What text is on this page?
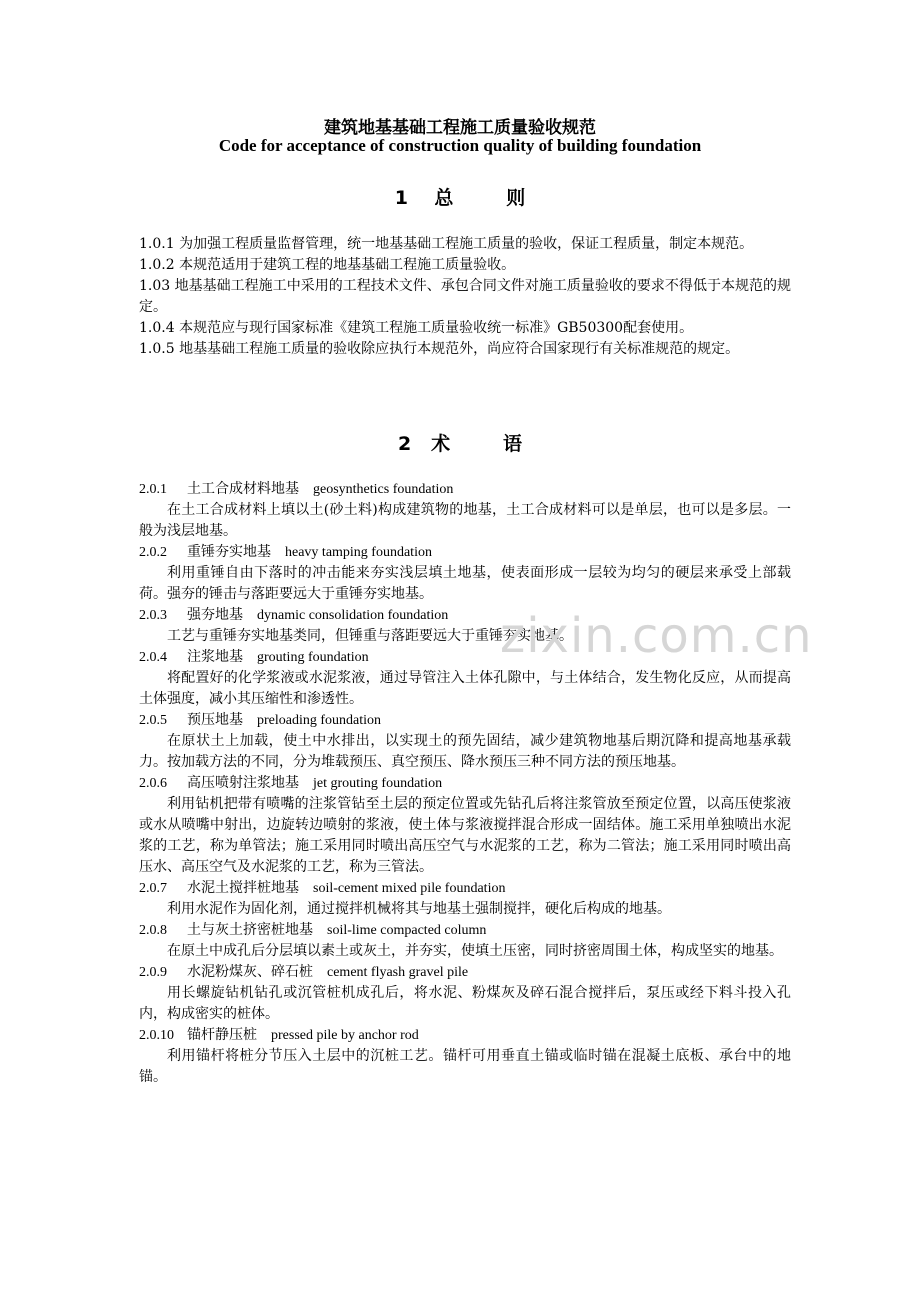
建筑地基基础工程施工质量验收规范
Code for acceptance of construction quality of building foundation
1    总        则

1.0.1 为加强工程质量监督管理，统一地基基础工程施工质量的验收，保证工程质量，制定本规范。

1.0.2 本规范适用于建筑工程的地基基础工程施工质量验收。

1.03 地基基础工程施工中采用的工程技术文件、承包合同文件对施工质量验收的要求不得低于本规范的规定。

1.0.4 本规范应与现行国家标准《建筑工程施工质量验收统一标准》GB50300配套使用。

1.0.5 地基基础工程施工质量的验收除应执行本规范外，尚应符合国家现行有关标准规范的规定。

2   术        语

2.0.1 土工合成材料地基 geosynthetics foundation

在土工合成材料上填以土(砂土料)构成建筑物的地基，土工合成材料可以是单层，也可以是多层。一般为浅层地基。

2.0.2 重锤夯实地基 heavy tamping foundation

利用重锤自由下落时的冲击能来夯实浅层填土地基，使表面形成一层较为均匀的硬层来承受上部载荷。强夯的锤击与落距要远大于重锤夯实地基。

2.0.3 强夯地基 dynamic consolidation foundation

工艺与重锤夯实地基类同，但锤重与落距要远大于重锤夯实地基。

2.0.4 注浆地基 grouting foundation

将配置好的化学浆液或水泥浆液，通过导管注入土体孔隙中，与土体结合，发生物化反应，从而提高土体强度，减小其压缩性和渗透性。

2.0.5 预压地基 preloading foundation

在原状土上加载，使土中水排出，以实现土的预先固结，减少建筑物地基后期沉降和提高地基承载力。按加载方法的不同，分为堆载预压、真空预压、降水预压三种不同方法的预压地基。

2.0.6 高压喷射注浆地基 jet grouting foundation

利用钻机把带有喷嘴的注浆管钻至土层的预定位置或先钻孔后将注浆管放至预定位置，以高压使浆液或水从喷嘴中射出，边旋转边喷射的浆液，使土体与浆液搅拌混合形成一固结体。施工采用单独喷出水泥浆的工艺，称为单管法；施工采用同时喷出高压空气与水泥浆的工艺，称为二管法；施工采用同时喷出高压水、高压空气及水泥浆的工艺，称为三管法。

2.0.7 水泥土搅拌桩地基 soil-cement mixed pile foundation

利用水泥作为固化剂，通过搅拌机械将其与地基土强制搅拌，硬化后构成的地基。

2.0.8 土与灰土挤密桩地基 soil-lime compacted column

在原土中成孔后分层填以素土或灰土，并夯实，使填土压密，同时挤密周围土体，构成坚实的地基。

2.0.9 水泥粉煤灰、碎石桩 cement flyash gravel pile

用长螺旋钻机钻孔或沉管桩机成孔后，将水泥、粉煤灰及碎石混合搅拌后，泵压或经下料斗投入孔内，构成密实的桩体。

2.0.10 锚杆静压桩 pressed pile by anchor rod

利用锚杆将桩分节压入土层中的沉桩工艺。锚杆可用垂直土锚或临时锚在混凝土底板、承台中的地锚。

zixin.com.cn
